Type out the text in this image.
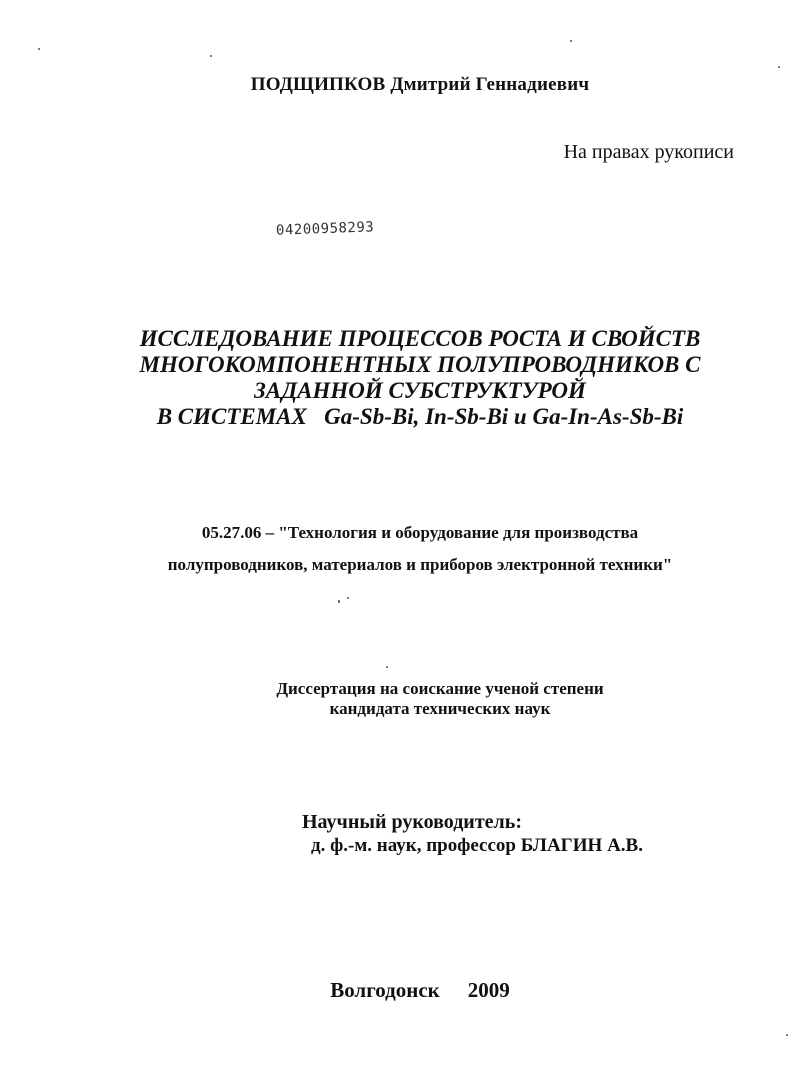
ПОДЩИПКОВ Дмитрий Геннадиевич
На правах рукописи
04200958293
ИССЛЕДОВАНИЕ ПРОЦЕССОВ РОСТА И СВОЙСТВ
МНОГОКОМПОНЕНТНЫХ ПОЛУПРОВОДНИКОВ С
ЗАДАННОЙ СУБСТРУКТУРОЙ
В СИСТЕМАХ Ga-Sb-Bi, In-Sb-Bi и Ga-In-As-Sb-Bi
05.27.06 – "Технология и оборудование для производства
полупроводников, материалов и приборов электронной техники"
Диссертация на соискание ученой степени
кандидата технических наук
Научный руководитель:
д. ф.-м. наук, профессор БЛАГИН А.В.
Волгодонск 2009
